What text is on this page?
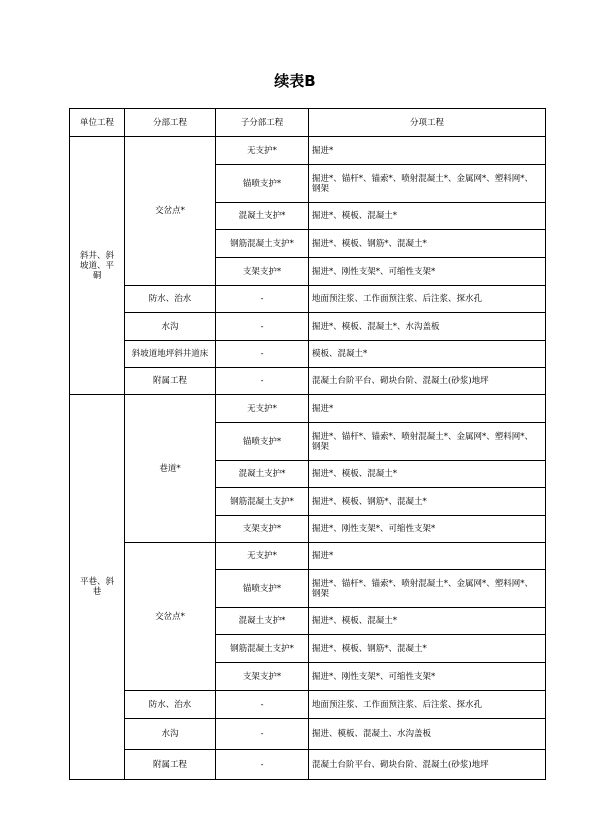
续表B
单位工程	分部工程	子分部工程	分项工程
斜井、斜坡道、平硐	交岔点*	无支护*	掘进*
		锚喷支护*	掘进*、锚杆*、锚索*、喷射混凝土*、金属网*、塑料网*、钢架
		混凝土支护*	掘进*、模板、混凝土*
		钢筋混凝土支护*	掘进*、模板、钢筋*、混凝土*
		支架支护*	掘进*、刚性支架*、可缩性支架*
	防水、治水	-	地面预注浆、工作面预注浆、后注浆、探水孔
	水沟	-	掘进*、模板、混凝土*、水沟盖板
	斜坡道地坪斜井道床	-	模板、混凝土*
	附属工程	-	混凝土台阶平台、砌块台阶、混凝土(砂浆)地坪
平巷、斜巷	巷道*	无支护*	掘进*
		锚喷支护*	掘进*、锚杆*、锚索*、喷射混凝土*、金属网*、塑料网*、钢架
		混凝土支护*	掘进*、模板、混凝土*
		钢筋混凝土支护*	掘进*、模板、钢筋*、混凝土*
		支架支护*	掘进*、刚性支架*、可缩性支架*
	交岔点*	无支护*	掘进*
		锚喷支护*	掘进*、锚杆*、锚索*、喷射混凝土*、金属网*、塑料网*、钢架
		混凝土支护*	掘进*、模板、混凝土*
		钢筋混凝土支护*	掘进*、模板、钢筋*、混凝土*
		支架支护*	掘进*、刚性支架*、可缩性支架*
	防水、治水	-	地面预注浆、工作面预注浆、后注浆、探水孔
	水沟	-	掘进、模板、混凝土、水沟盖板
	附属工程	-	混凝土台阶平台、砌块台阶、混凝土(砂浆)地坪
